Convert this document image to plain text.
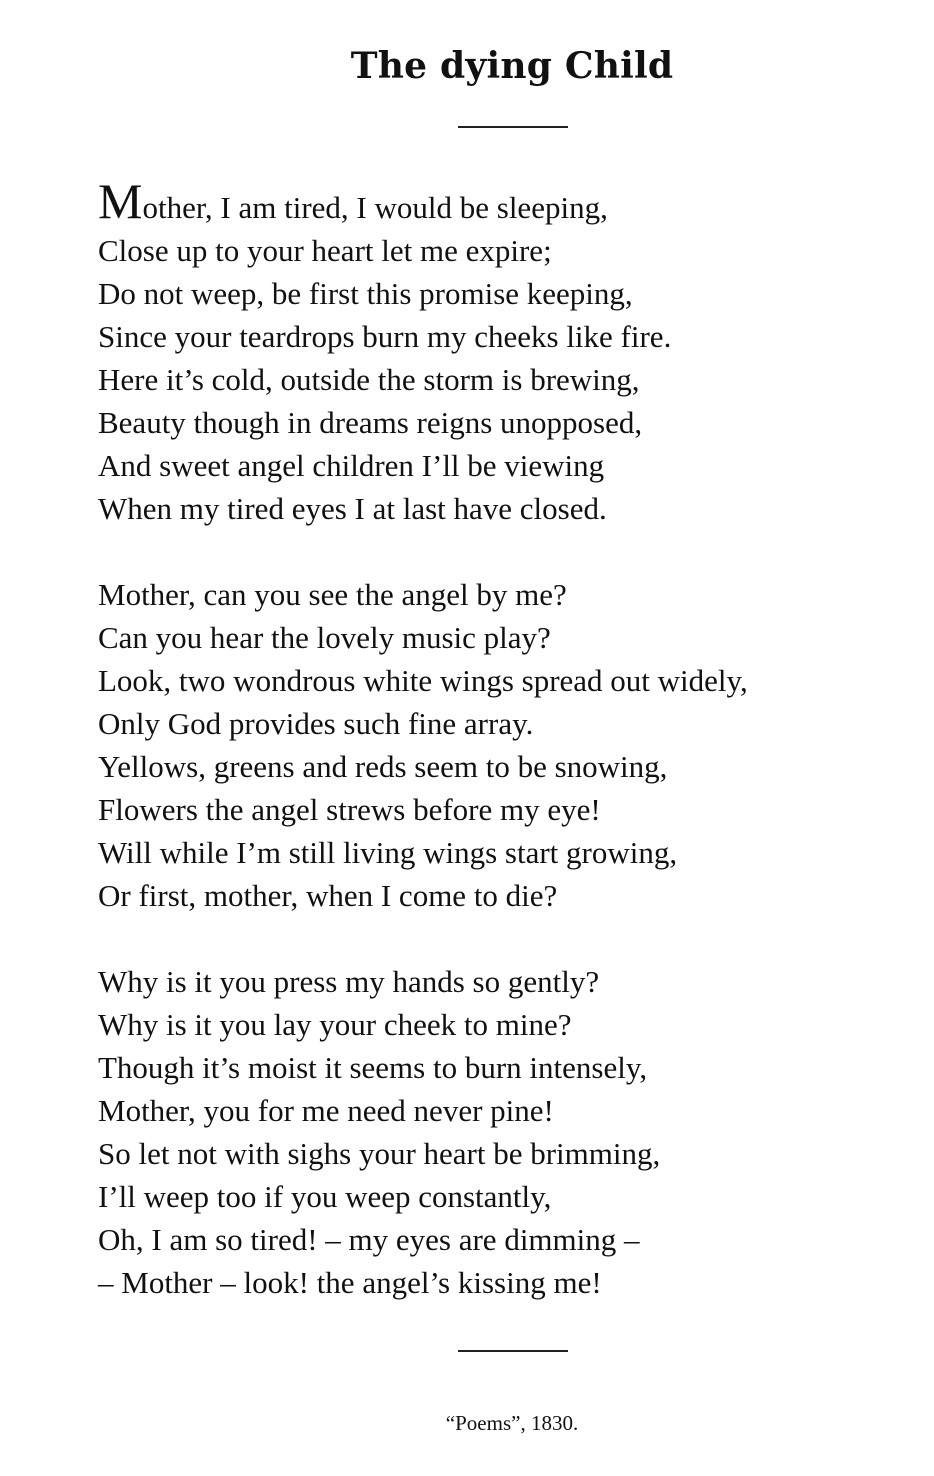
The dying Child
Mother, I am tired, I would be sleeping,
Close up to your heart let me expire;
Do not weep, be first this promise keeping,
Since your teardrops burn my cheeks like fire.
Here it’s cold, outside the storm is brewing,
Beauty though in dreams reigns unopposed,
And sweet angel children I’ll be viewing
When my tired eyes I at last have closed.
Mother, can you see the angel by me?
Can you hear the lovely music play?
Look, two wondrous white wings spread out widely,
Only God provides such fine array.
Yellows, greens and reds seem to be snowing,
Flowers the angel strews before my eye!
Will while I’m still living wings start growing,
Or first, mother, when I come to die?
Why is it you press my hands so gently?
Why is it you lay your cheek to mine?
Though it’s moist it seems to burn intensely,
Mother, you for me need never pine!
So let not with sighs your heart be brimming,
I’ll weep too if you weep constantly,
Oh, I am so tired! – my eyes are dimming –
– Mother – look! the angel’s kissing me!
“Poems”, 1830.
